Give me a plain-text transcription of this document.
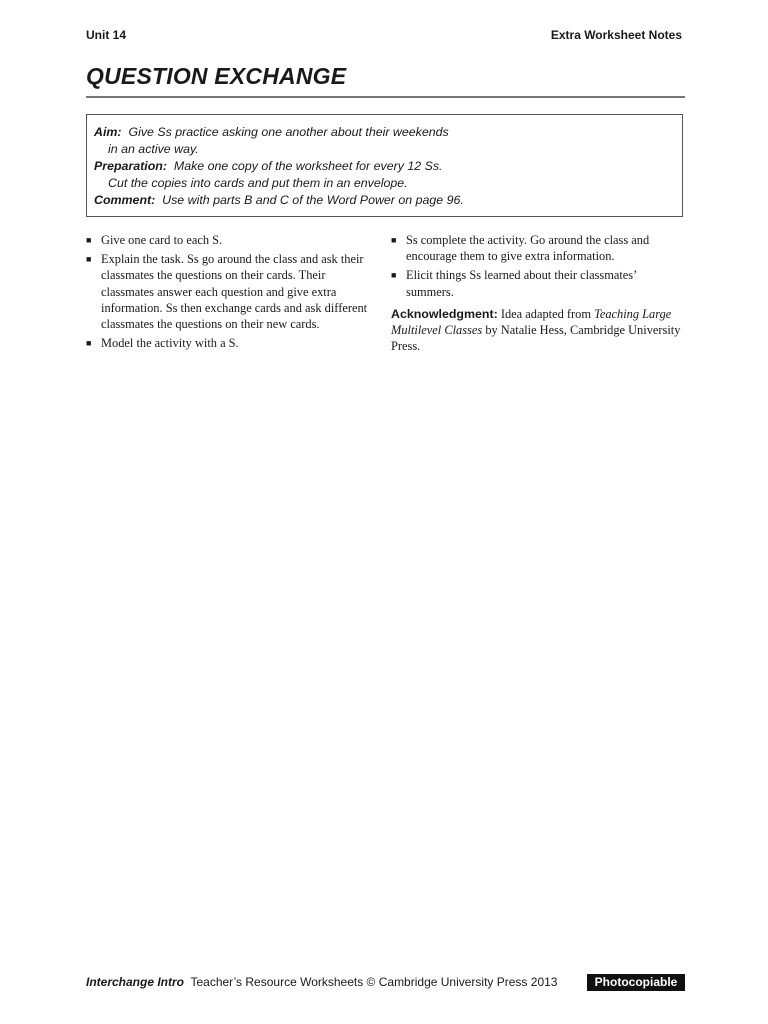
Unit 14	Extra Worksheet Notes
QUESTION EXCHANGE
Aim: Give Ss practice asking one another about their weekends
in an active way.
Preparation: Make one copy of the worksheet for every 12 Ss.
Cut the copies into cards and put them in an envelope.
Comment: Use with parts B and C of the Word Power on page 96.
■ Give one card to each S.
■ Explain the task. Ss go around the class and ask their classmates the questions on their cards. Their classmates answer each question and give extra information. Ss then exchange cards and ask different classmates the questions on their new cards.
■ Model the activity with a S.
■ Ss complete the activity. Go around the class and encourage them to give extra information.
■ Elicit things Ss learned about their classmates’ summers.
Acknowledgment: Idea adapted from Teaching Large Multilevel Classes by Natalie Hess, Cambridge University Press.
Interchange Intro Teacher’s Resource Worksheets © Cambridge University Press 2013	Photocopiable
